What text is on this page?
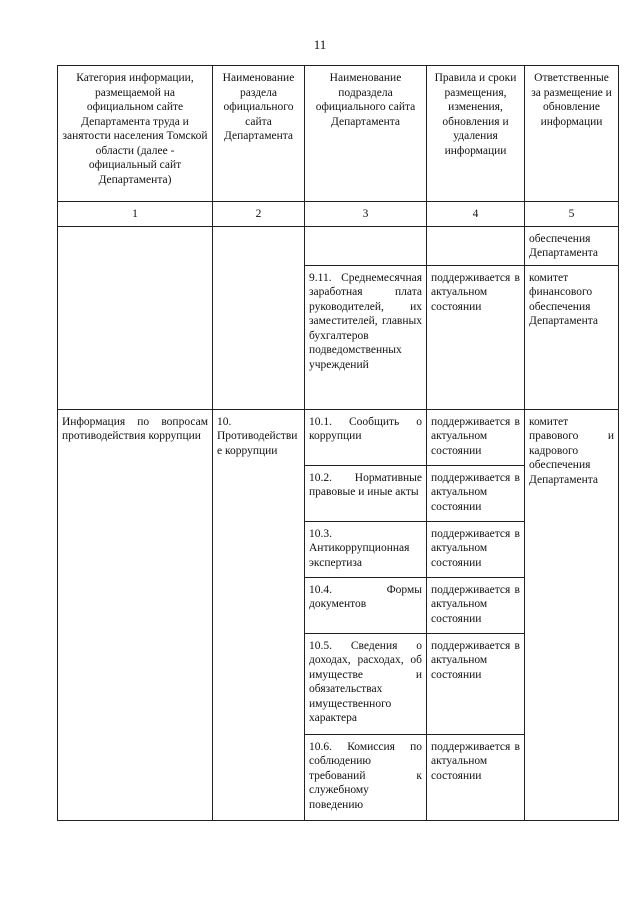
11
Категория информации, размещаемой на официальном сайте Департамента труда и занятости населения Томской области (далее - официальный сайт Департамента)	Наименование раздела официального сайта Департамента	Наименование подраздела официального сайта Департамента	Правила и сроки размещения, изменения, обновления и удаления информации	Ответственные за размещение и обновление информации
1	2	3	4	5
				обеспечения Департамента
		9.11. Среднемесячная заработная плата руководителей, их заместителей, главных бухгалтеров подведомственных учреждений	поддерживается в актуальном состоянии	комитет финансового обеспечения Департамента
Информация по вопросам противодействия коррупции	10. Противодействие коррупции	10.1. Сообщить о коррупции	поддерживается в актуальном состоянии	комитет правового и кадрового обеспечения Департамента
		10.2. Нормативные правовые и иные акты	поддерживается в актуальном состоянии	
		10.3. Антикоррупционная экспертиза	поддерживается в актуальном состоянии	
		10.4. Формы документов	поддерживается в актуальном состоянии	
		10.5. Сведения о доходах, расходах, об имуществе и обязательствах имущественного характера	поддерживается в актуальном состоянии	
		10.6. Комиссия по соблюдению требований к служебному поведению	поддерживается в актуальном состоянии	
